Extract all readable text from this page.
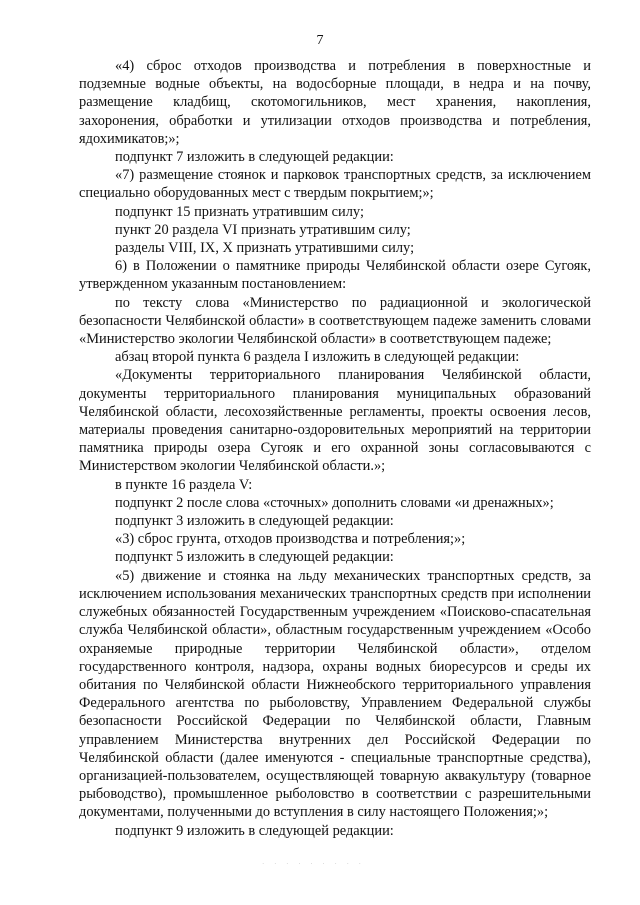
7

«4) сброс отходов производства и потребления в поверхностные и подземные водные объекты, на водосборные площади, в недра и на почву, размещение кладбищ, скотомогильников, мест хранения, накопления, захоронения, обработки и утилизации отходов производства и потребления, ядохимикатов;»;

подпункт 7 изложить в следующей редакции:

«7) размещение стоянок и парковок транспортных средств, за исключением специально оборудованных мест с твердым покрытием;»;

подпункт 15 признать утратившим силу;

пункт 20 раздела VI признать утратившим силу;

разделы VIII, IX, X признать утратившими силу;

6) в Положении о памятнике природы Челябинской области озере Сугояк, утвержденном указанным постановлением:

по тексту слова «Министерство по радиационной и экологической безопасности Челябинской области» в соответствующем падеже заменить словами «Министерство экологии Челябинской области» в соответствующем падеже;

абзац второй пункта 6 раздела I изложить в следующей редакции:

«Документы территориального планирования Челябинской области, документы территориального планирования муниципальных образований Челябинской области, лесохозяйственные регламенты, проекты освоения лесов, материалы проведения санитарно-оздоровительных мероприятий на территории памятника природы озера Сугояк и его охранной зоны согласовываются с Министерством экологии Челябинской области.»;

в пункте 16 раздела V:

подпункт 2 после слова «сточных» дополнить словами «и дренажных»;

подпункт 3 изложить в следующей редакции:

«3) сброс грунта, отходов производства и потребления;»;

подпункт 5 изложить в следующей редакции:

«5) движение и стоянка на льду механических транспортных средств, за исключением использования механических транспортных средств при исполнении служебных обязанностей Государственным учреждением «Поисково-спасательная служба Челябинской области», областным государственным учреждением «Особо охраняемые природные территории Челябинской области», отделом государственного контроля, надзора, охраны водных биоресурсов и среды их обитания по Челябинской области Нижнеобского территориального управления Федерального агентства по рыболовству, Управлением Федеральной службы безопасности Российской Федерации по Челябинской области, Главным управлением Министерства внутренних дел Российской Федерации по Челябинской области (далее именуются - специальные транспортные средства), организацией-пользователем, осуществляющей товарную аквакультуру (товарное рыбоводство), промышленное рыболовство в соответствии с разрешительными документами, полученными до вступления в силу настоящего Положения;»;

подпункт 9 изложить в следующей редакции:

· · · · · · · · ·
